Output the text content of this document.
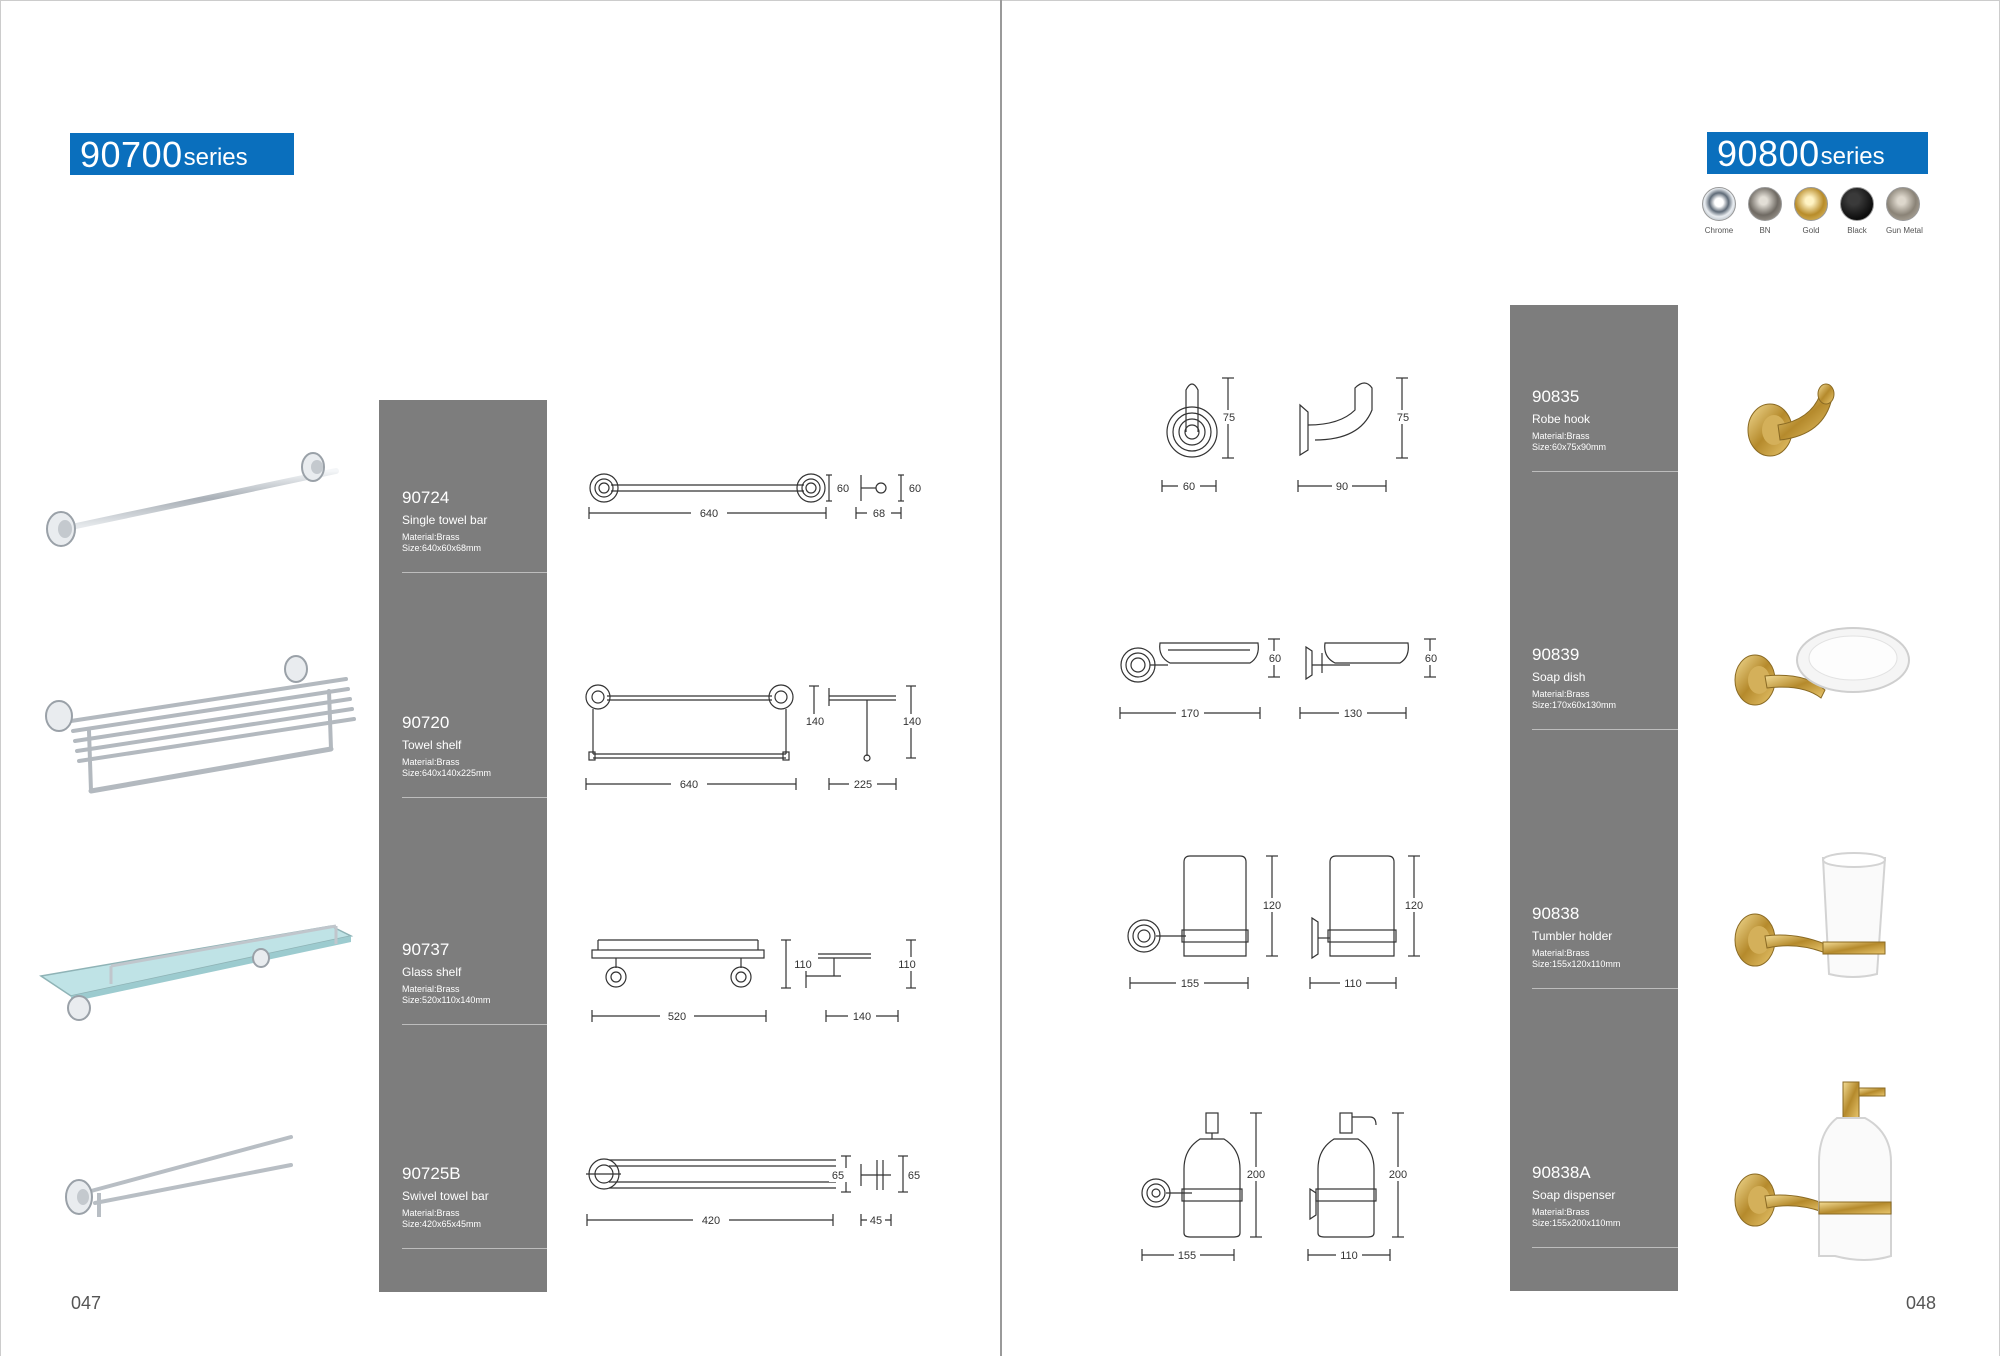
90700 series
90724
Single towel bar
Material:Brass
Size:640x60x68mm
90720
Towel shelf
Material:Brass
Size:640x140x225mm
90737
Glass shelf
Material:Brass
Size:520x110x140mm
90725B
Swivel towel bar
Material:Brass
Size:420x65x45mm
640
60	60
68
640
140	140
225
520
110	110
140
420
65	65
45
047
90800 series
Chrome	BN	Gold	Black	Gun Metal
90835
Robe hook
Material:Brass
Size:60x75x90mm
90839
Soap dish
Material:Brass
Size:170x60x130mm
90838
Tumbler holder
Material:Brass
Size:155x120x110mm
90838A
Soap dispenser
Material:Brass
Size:155x200x110mm
60
75
90
75
170
60
130
60
155
120
110
120
155
200
110
200
048
